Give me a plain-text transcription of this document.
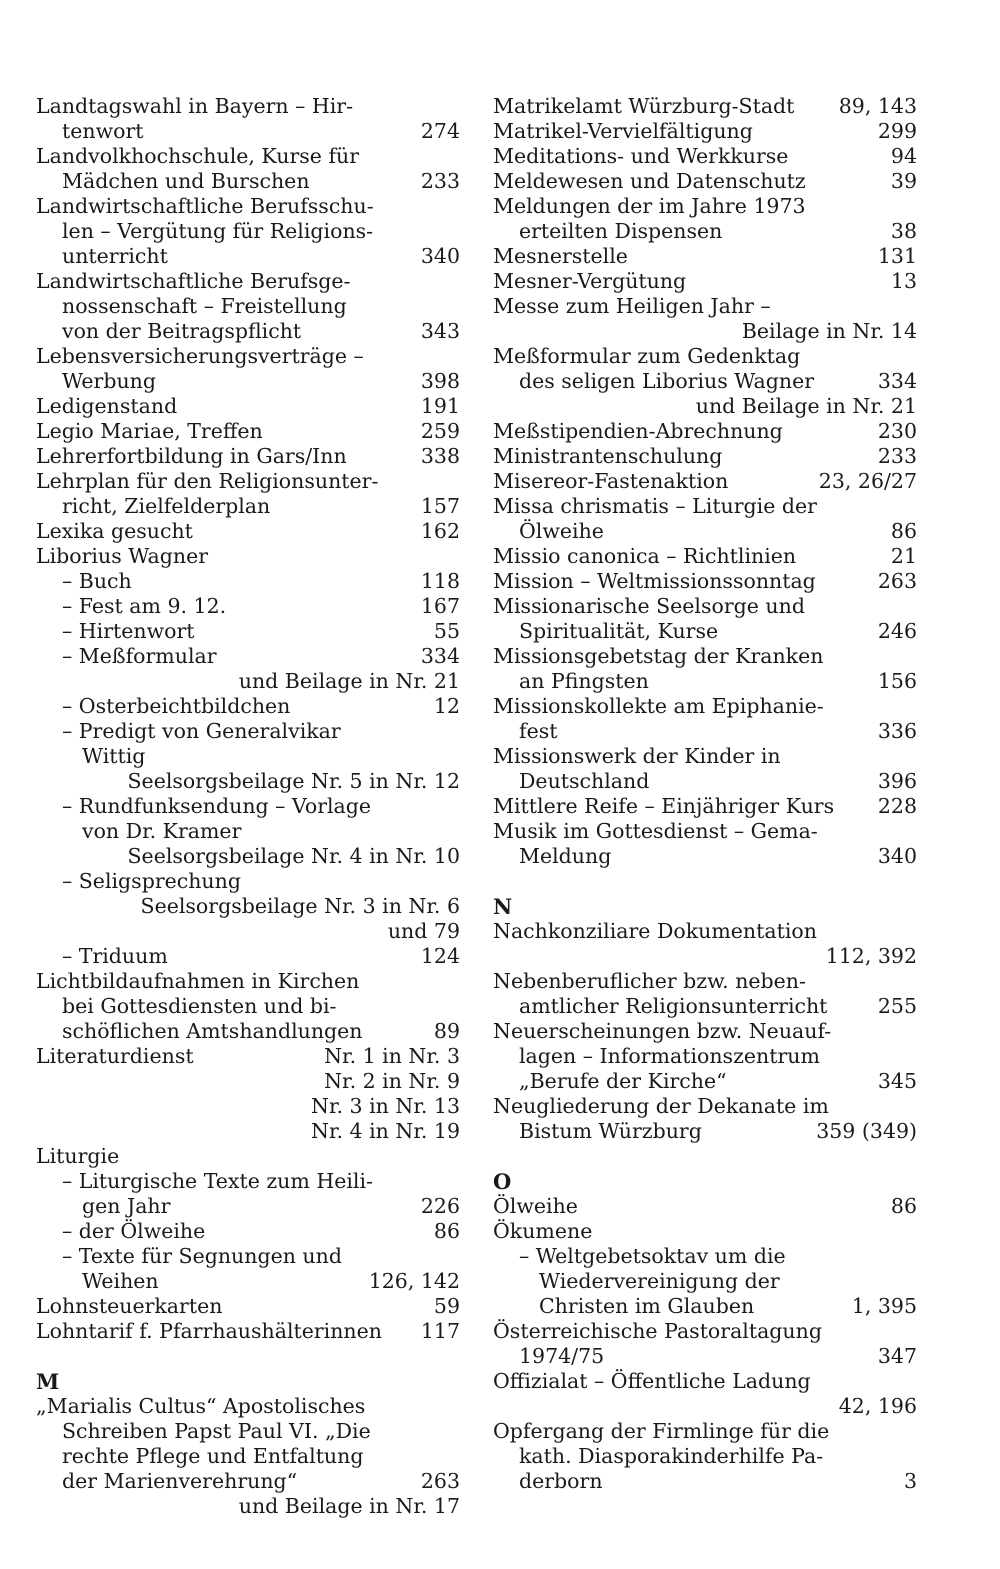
Landtagswahl in Bayern – Hir-
tenwort	274
Landvolkhochschule, Kurse für
Mädchen und Burschen	233
Landwirtschaftliche Berufsschu-
len – Vergütung für Religions-
unterricht	340
Landwirtschaftliche Berufsge-
nossenschaft – Freistellung
von der Beitragspflicht	343
Lebensversicherungsverträge –
Werbung	398
Ledigenstand	191
Legio Mariae, Treffen	259
Lehrerfortbildung in Gars/Inn	338
Lehrplan für den Religionsunter-
richt, Zielfelderplan	157
Lexika gesucht	162
Liborius Wagner
– Buch	118
– Fest am 9. 12.	167
– Hirtenwort	55
– Meßformular	334
und Beilage in Nr. 21
– Osterbeichtbildchen	12
– Predigt von Generalvikar
Wittig
Seelsorgsbeilage Nr. 5 in Nr. 12
– Rundfunksendung – Vorlage
von Dr. Kramer
Seelsorgsbeilage Nr. 4 in Nr. 10
– Seligsprechung
Seelsorgsbeilage Nr. 3 in Nr. 6
und 79
– Triduum	124
Lichtbildaufnahmen in Kirchen
bei Gottesdiensten und bi-
schöflichen Amtshandlungen	89
Literaturdienst	Nr. 1 in Nr. 3
Nr. 2 in Nr. 9
Nr. 3 in Nr. 13
Nr. 4 in Nr. 19
Liturgie
– Liturgische Texte zum Heili-
gen Jahr	226
– der Ölweihe	86
– Texte für Segnungen und
Weihen	126, 142
Lohnsteuerkarten	59
Lohntarif f. Pfarrhaushälterinnen 117
M
„Marialis Cultus“ Apostolisches
Schreiben Papst Paul VI. „Die
rechte Pflege und Entfaltung
der Marienverehrung“	263
und Beilage in Nr. 17
Matrikelamt Würzburg-Stadt 89, 143
Matrikel-Vervielfältigung	299
Meditations- und Werkkurse	94
Meldewesen und Datenschutz	39
Meldungen der im Jahre 1973
erteilten Dispensen	38
Mesnerstelle	131
Mesner-Vergütung	13
Messe zum Heiligen Jahr –
Beilage in Nr. 14
Meßformular zum Gedenktag
des seligen Liborius Wagner	334
und Beilage in Nr. 21
Meßstipendien-Abrechnung	230
Ministrantenschulung	233
Misereor-Fastenaktion	23, 26/27
Missa chrismatis – Liturgie der
Ölweihe	86
Missio canonica – Richtlinien	21
Mission – Weltmissionssonntag	263
Missionarische Seelsorge und
Spiritualität, Kurse	246
Missionsgebetstag der Kranken
an Pfingsten	156
Missionskollekte am Epiphanie-
fest	336
Missionswerk der Kinder in
Deutschland	396
Mittlere Reife – Einjähriger Kurs 228
Musik im Gottesdienst – Gema-
Meldung	340
N
Nachkonziliare Dokumentation
112, 392
Nebenberuflicher bzw. neben-
amtlicher Religionsunterricht 255
Neuerscheinungen bzw. Neuauf-
lagen – Informationszentrum
„Berufe der Kirche“	345
Neugliederung der Dekanate im
Bistum Würzburg	359 (349)
O
Ölweihe	86
Ökumene
– Weltgebetsoktav um die
Wiedervereinigung der
Christen im Glauben	1, 395
Österreichische Pastoraltagung
1974/75	347
Offizialat – Öffentliche Ladung
42, 196
Opfergang der Firmlinge für die
kath. Diasporakinderhilfe Pa-
derborn	3
